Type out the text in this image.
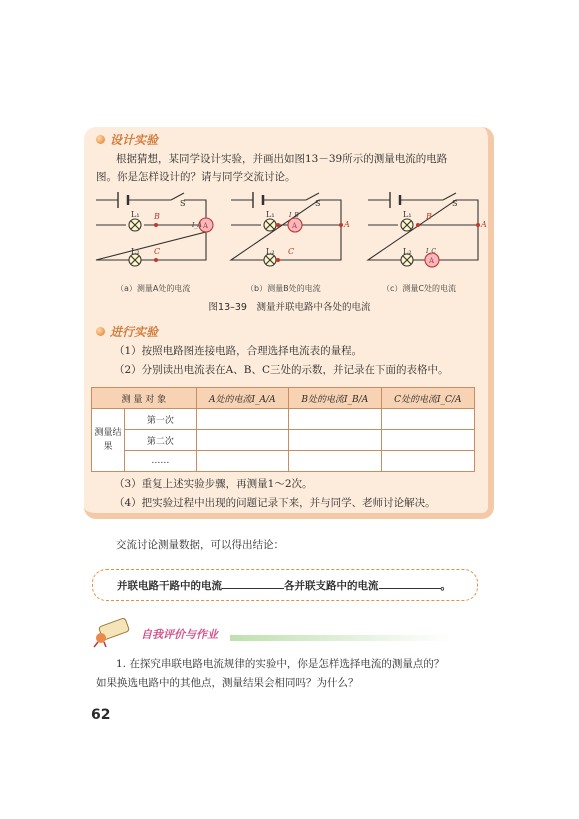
设计实验
根据猜想，某同学设计实验，并画出如图13－39所示的测量电流的电路
图。你是怎样设计的？请与同学交流讨论。
S
L₁
L₂
I_A A
B
C
S
L₁
L₂
I_B
A	A
C
S
L₁
L₂
B
A
I_C
A
（a）测量A处的电流	（b）测量B处的电流	（c）测量C处的电流
图13–39　测量并联电路中各处的电流
进行实验
（1）按照电路图连接电路，合理选择电流表的量程。
（2）分别读出电流表在A、B、C三处的示数，并记录在下面的表格中。
测 量 对 象		A处的电流I_A/A	B处的电流I_B/A	C处的电流I_C/A
测量结果	第一次			
	第二次			
	……			
（3）重复上述实验步骤，再测量1～2次。
（4）把实验过程中出现的问题记录下来，并与同学、老师讨论解决。
交流讨论测量数据，可以得出结论：
并联电路干路中的电流	各并联支路中的电流	。
自我评价与作业
1. 在探究串联电路电流规律的实验中，你是怎样选择电流的测量点的？
如果换选电路中的其他点，测量结果会相同吗？为什么？
62
